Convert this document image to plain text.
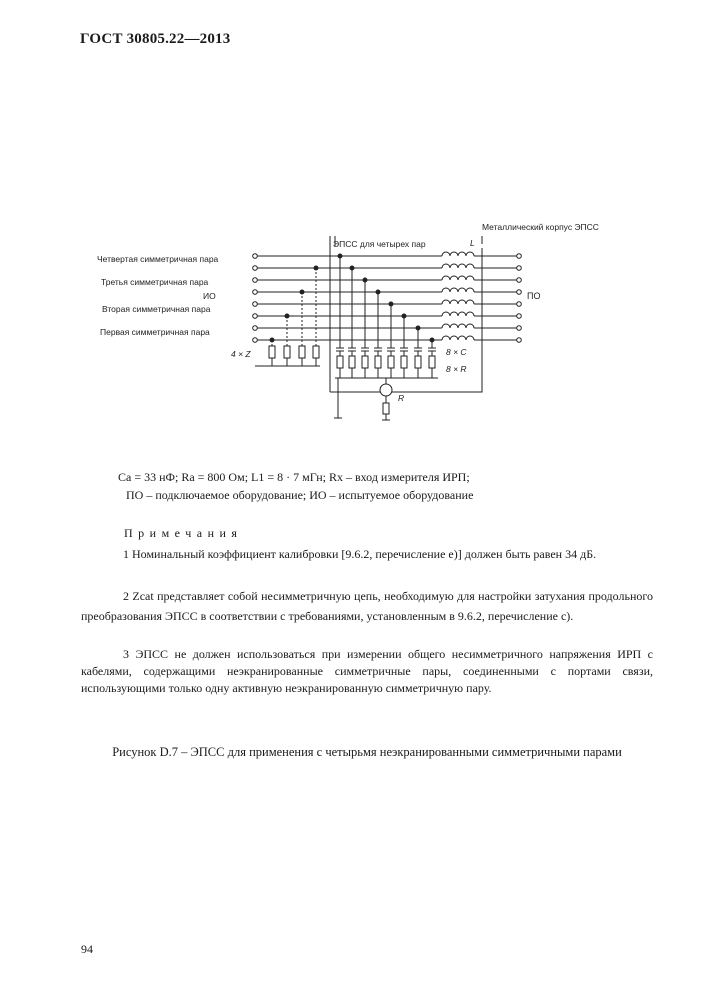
ГОСТ 30805.22—2013
Металлический корпус ЭПСС
ЭПСС для четырех пар
Четвертая симметричная пара
Третья симметричная пара
ИО
Вторая симметричная пара
Первая симметричная пара
ПО
4 × Z	8 × C
8 × R
L
R
Cа = 33 нФ; Rа = 800 Ом; L1 = 8 · 7 мГн; Rx – вход измерителя ИРП;
ПО – подключаемое оборудование; ИО – испытуемое оборудование
Примечания
1 Номинальный коэффициент калибровки [9.6.2, перечисление е)] должен быть равен 34 дБ.
2 Zcat представляет собой несимметричную цепь, необходимую для настройки затухания продольного преобразования ЭПСС в соответствии с требованиями, установленным в 9.6.2, перечисление с).
3 ЭПСС не должен использоваться при измерении общего несимметричного напряжения ИРП с кабелями, содержащими неэкранированные симметричные пары, соединенными с портами связи, использующими только одну активную неэкранированную симметричную пару.
Рисунок D.7 – ЭПСС для применения с четырьмя неэкранированными симметричными парами
94
